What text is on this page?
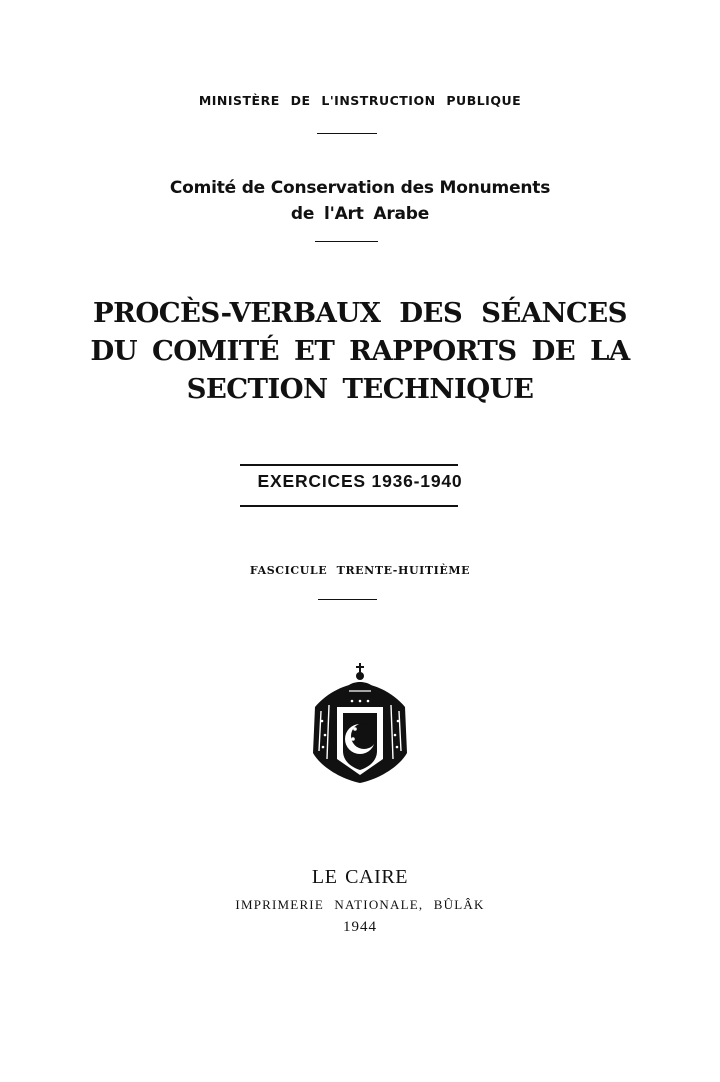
MINISTÈRE DE L'INSTRUCTION PUBLIQUE
Comité de Conservation des Monuments
de l'Art Arabe
PROCÈS-VERBAUX DES SÉANCES
DU COMITÉ ET RAPPORTS DE LA
SECTION TECHNIQUE
EXERCICES 1936-1940
FASCICULE TRENTE-HUITIÈME
LE CAIRE
IMPRIMERIE NATIONALE, BÛLÂK
1944
